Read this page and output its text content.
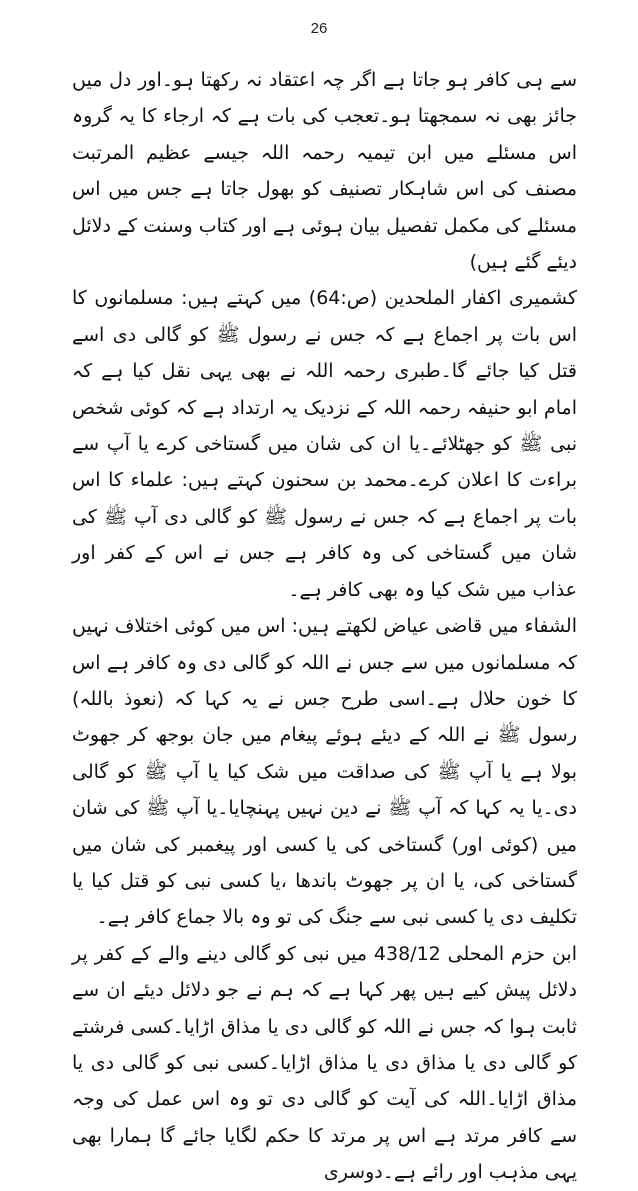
26

سے ہی کافر ہو جاتا ہے اگر چہ اعتقاد نہ رکھتا ہو۔اور دل میں جائز بھی نہ سمجھتا ہو۔تعجب کی بات ہے کہ ارجاء کا یہ گروہ اس مسئلے میں ابن تیمیہ رحمہ اللہ جیسے عظیم المرتبت مصنف کی اس شاہکار تصنیف کو بھول جاتا ہے جس میں اس مسئلے کی مکمل تفصیل بیان ہوئی ہے اور کتاب وسنت کے دلائل دیئے گئے ہیں)

کشمیری اکفار الملحدین (ص:64) میں کہتے ہیں: مسلمانوں کا اس بات پر اجماع ہے کہ جس نے رسول ﷺ کو گالی دی اسے قتل کیا جائے گا۔طبری رحمہ اللہ نے بھی یہی نقل کیا ہے کہ امام ابو حنیفہ رحمہ اللہ کے نزدیک یہ ارتداد ہے کہ کوئی شخص نبی ﷺ کو جھٹلائے۔یا ان کی شان میں گستاخی کرے یا آپ سے براءت کا اعلان کرے۔محمد بن سحنون کہتے ہیں: علماء کا اس بات پر اجماع ہے کہ جس نے رسول ﷺ کو گالی دی آپ ﷺ کی شان میں گستاخی کی وہ کافر ہے جس نے اس کے کفر اور عذاب میں شک کیا وہ بھی کافر ہے۔

الشفاء میں قاضی عیاض لکھتے ہیں: اس میں کوئی اختلاف نہیں کہ مسلمانوں میں سے جس نے اللہ کو گالی دی وہ کافر ہے اس کا خون حلال ہے۔اسی طرح جس نے یہ کہا کہ (نعوذ باللہ) رسول ﷺ نے اللہ کے دیئے ہوئے پیغام میں جان بوجھ کر جھوٹ بولا ہے یا آپ ﷺ کی صداقت میں شک کیا یا آپ ﷺ کو گالی دی۔یا یہ کہا کہ آپ ﷺ نے دین نہیں پہنچایا۔یا آپ ﷺ کی شان میں (کوئی اور) گستاخی کی یا کسی اور پیغمبر کی شان میں گستاخی کی، یا ان پر جھوٹ باندھا ،یا کسی نبی کو قتل کیا یا تکلیف دی یا کسی نبی سے جنگ کی تو وہ بالا جماع کافر ہے۔

ابن حزم المحلی 438/12 میں نبی کو گالی دینے والے کے کفر پر دلائل پیش کیے ہیں پھر کہا ہے کہ ہم نے جو دلائل دیئے ان سے ثابت ہوا کہ جس نے اللہ کو گالی دی یا مذاق اڑایا۔کسی فرشتے کو گالی دی یا مذاق دی یا مذاق اڑایا۔کسی نبی کو گالی دی یا مذاق اڑایا۔اللہ کی آیت کو گالی دی تو وہ اس عمل کی وجہ سے کافر مرتد ہے اس پر مرتد کا حکم لگایا جائے گا ہمارا بھی یہی مذہب اور رائے ہے۔دوسری
